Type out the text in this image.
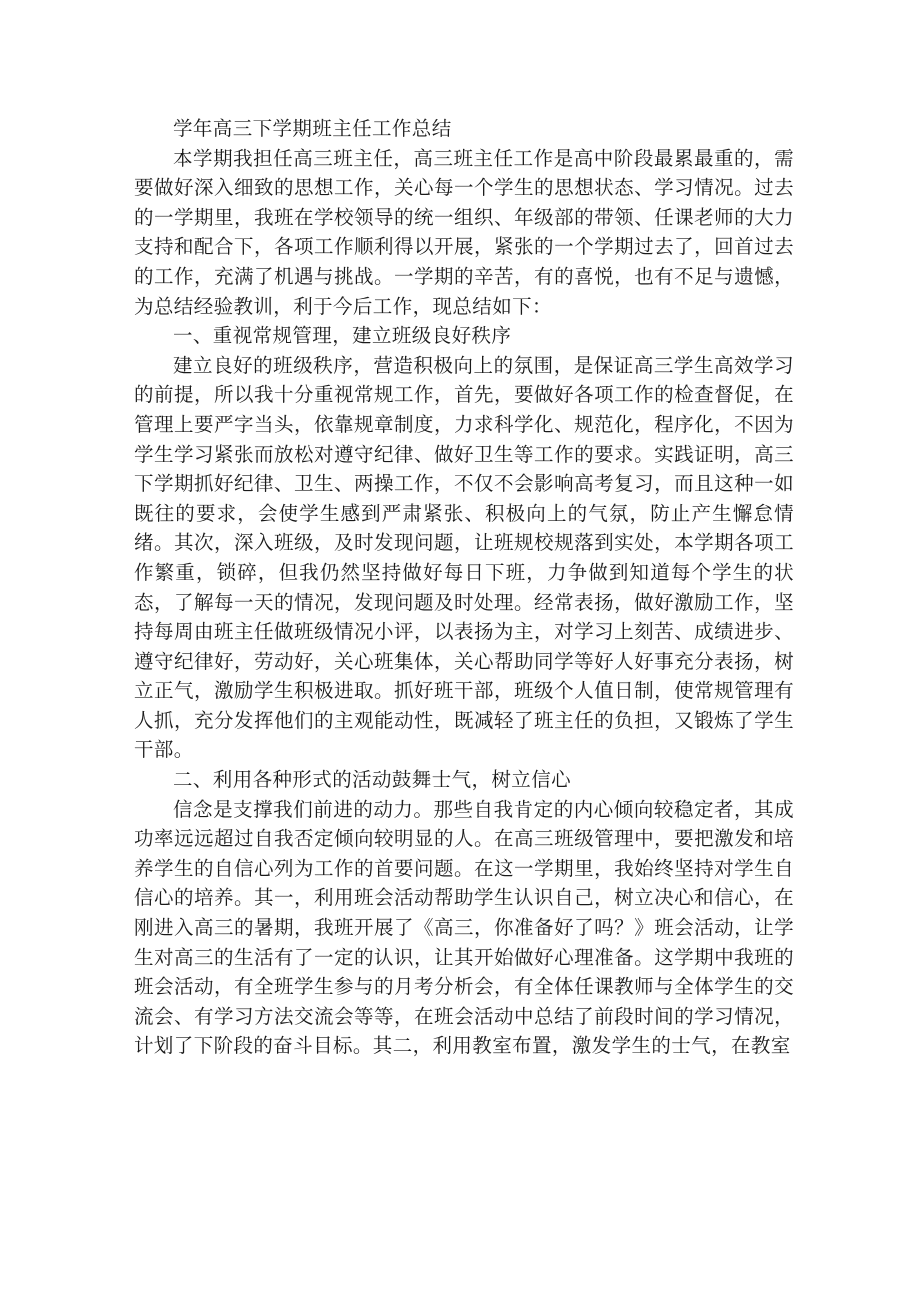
学年高三下学期班主任工作总结

本学期我担任高三班主任，高三班主任工作是高中阶段最累最重的，需要做好深入细致的思想工作，关心每一个学生的思想状态、学习情况。过去的一学期里，我班在学校领导的统一组织、年级部的带领、任课老师的大力支持和配合下，各项工作顺利得以开展，紧张的一个学期过去了，回首过去的工作，充满了机遇与挑战。一学期的辛苦，有的喜悦，也有不足与遗憾，为总结经验教训，利于今后工作，现总结如下：

一、重视常规管理，建立班级良好秩序

建立良好的班级秩序，营造积极向上的氛围，是保证高三学生高效学习的前提，所以我十分重视常规工作，首先，要做好各项工作的检查督促，在管理上要严字当头，依靠规章制度，力求科学化、规范化，程序化，不因为学生学习紧张而放松对遵守纪律、做好卫生等工作的要求。实践证明，高三下学期抓好纪律、卫生、两操工作，不仅不会影响高考复习，而且这种一如既往的要求，会使学生感到严肃紧张、积极向上的气氛，防止产生懈怠情绪。其次，深入班级，及时发现问题，让班规校规落到实处，本学期各项工作繁重，锁碎，但我仍然坚持做好每日下班，力争做到知道每个学生的状态，了解每一天的情况，发现问题及时处理。经常表扬，做好激励工作，坚持每周由班主任做班级情况小评，以表扬为主，对学习上刻苦、成绩进步、遵守纪律好，劳动好，关心班集体，关心帮助同学等好人好事充分表扬，树立正气，激励学生积极进取。抓好班干部，班级个人值日制，使常规管理有人抓，充分发挥他们的主观能动性，既减轻了班主任的负担，又锻炼了学生干部。

二、利用各种形式的活动鼓舞士气，树立信心

信念是支撑我们前进的动力。那些自我肯定的内心倾向较稳定者，其成功率远远超过自我否定倾向较明显的人。在高三班级管理中，要把激发和培养学生的自信心列为工作的首要问题。在这一学期里，我始终坚持对学生自信心的培养。其一，利用班会活动帮助学生认识自己，树立决心和信心，在刚进入高三的暑期，我班开展了《高三，你准备好了吗？》班会活动，让学生对高三的生活有了一定的认识，让其开始做好心理准备。这学期中我班的班会活动，有全班学生参与的月考分析会，有全体任课教师与全体学生的交流会、有学习方法交流会等等，在班会活动中总结了前段时间的学习情况，计划了下阶段的奋斗目标。其二，利用教室布置，激发学生的士气，在教室
